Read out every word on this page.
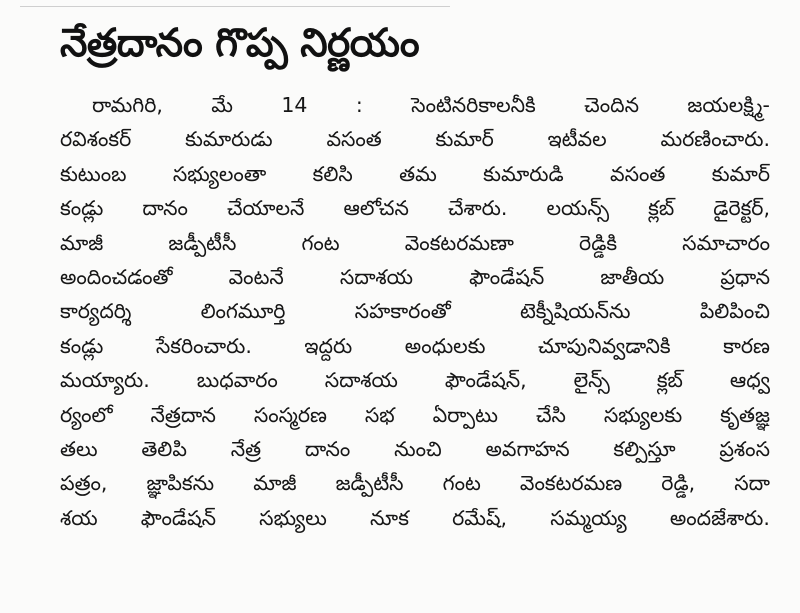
నేత్రదానం గొప్ప నిర్ణయం
రామగిరి, మే 14 : సెంటినరికాలనీకి చెందిన జయలక్ష్మి-
రవిశంకర్	కుమారుడు	వసంత	కుమార్	ఇటీవల	మరణించారు.
కుటుంబ సభ్యులంతా కలిసి తమ కుమారుడి వసంత కుమార్
కండ్లు దానం చేయాలనే ఆలోచన చేశారు. లయన్స్ క్లబ్ డైరెక్టర్,
మాజీ	జడ్పీటీసీ	గంట	వెంకటరమణా	రెడ్డికి	సమాచారం
అందించడంతో	వెంటనే	సదాశయ	ఫౌండేషన్	జాతీయ	ప్రధాన
కార్యదర్శి	లింగమూర్తి	సహకారంతో	టెక్నీషియన్‌ను	పిలిపించి
కండ్లు	సేకరించారు.	ఇద్దరు	అంధులకు	చూపునివ్వడానికి	కారణ
మయ్యారు. బుధవారం సదాశయ ఫౌండేషన్, లైన్స్ క్లబ్ ఆధ్వ
ర్యంలో నేత్రదాన సంస్మరణ సభ ఏర్పాటు చేసి సభ్యులకు కృతజ్ఞ
తలు తెలిపి నేత్ర దానం నుంచి అవగాహన కల్పిస్తూ ప్రశంస
పత్రం, జ్ఞాపికను మాజీ జడ్పీటీసీ గంట వెంకటరమణ రెడ్డి, సదా
శయ ఫౌండేషన్ సభ్యులు నూక రమేష్, సమ్మయ్య అందజేశారు.
